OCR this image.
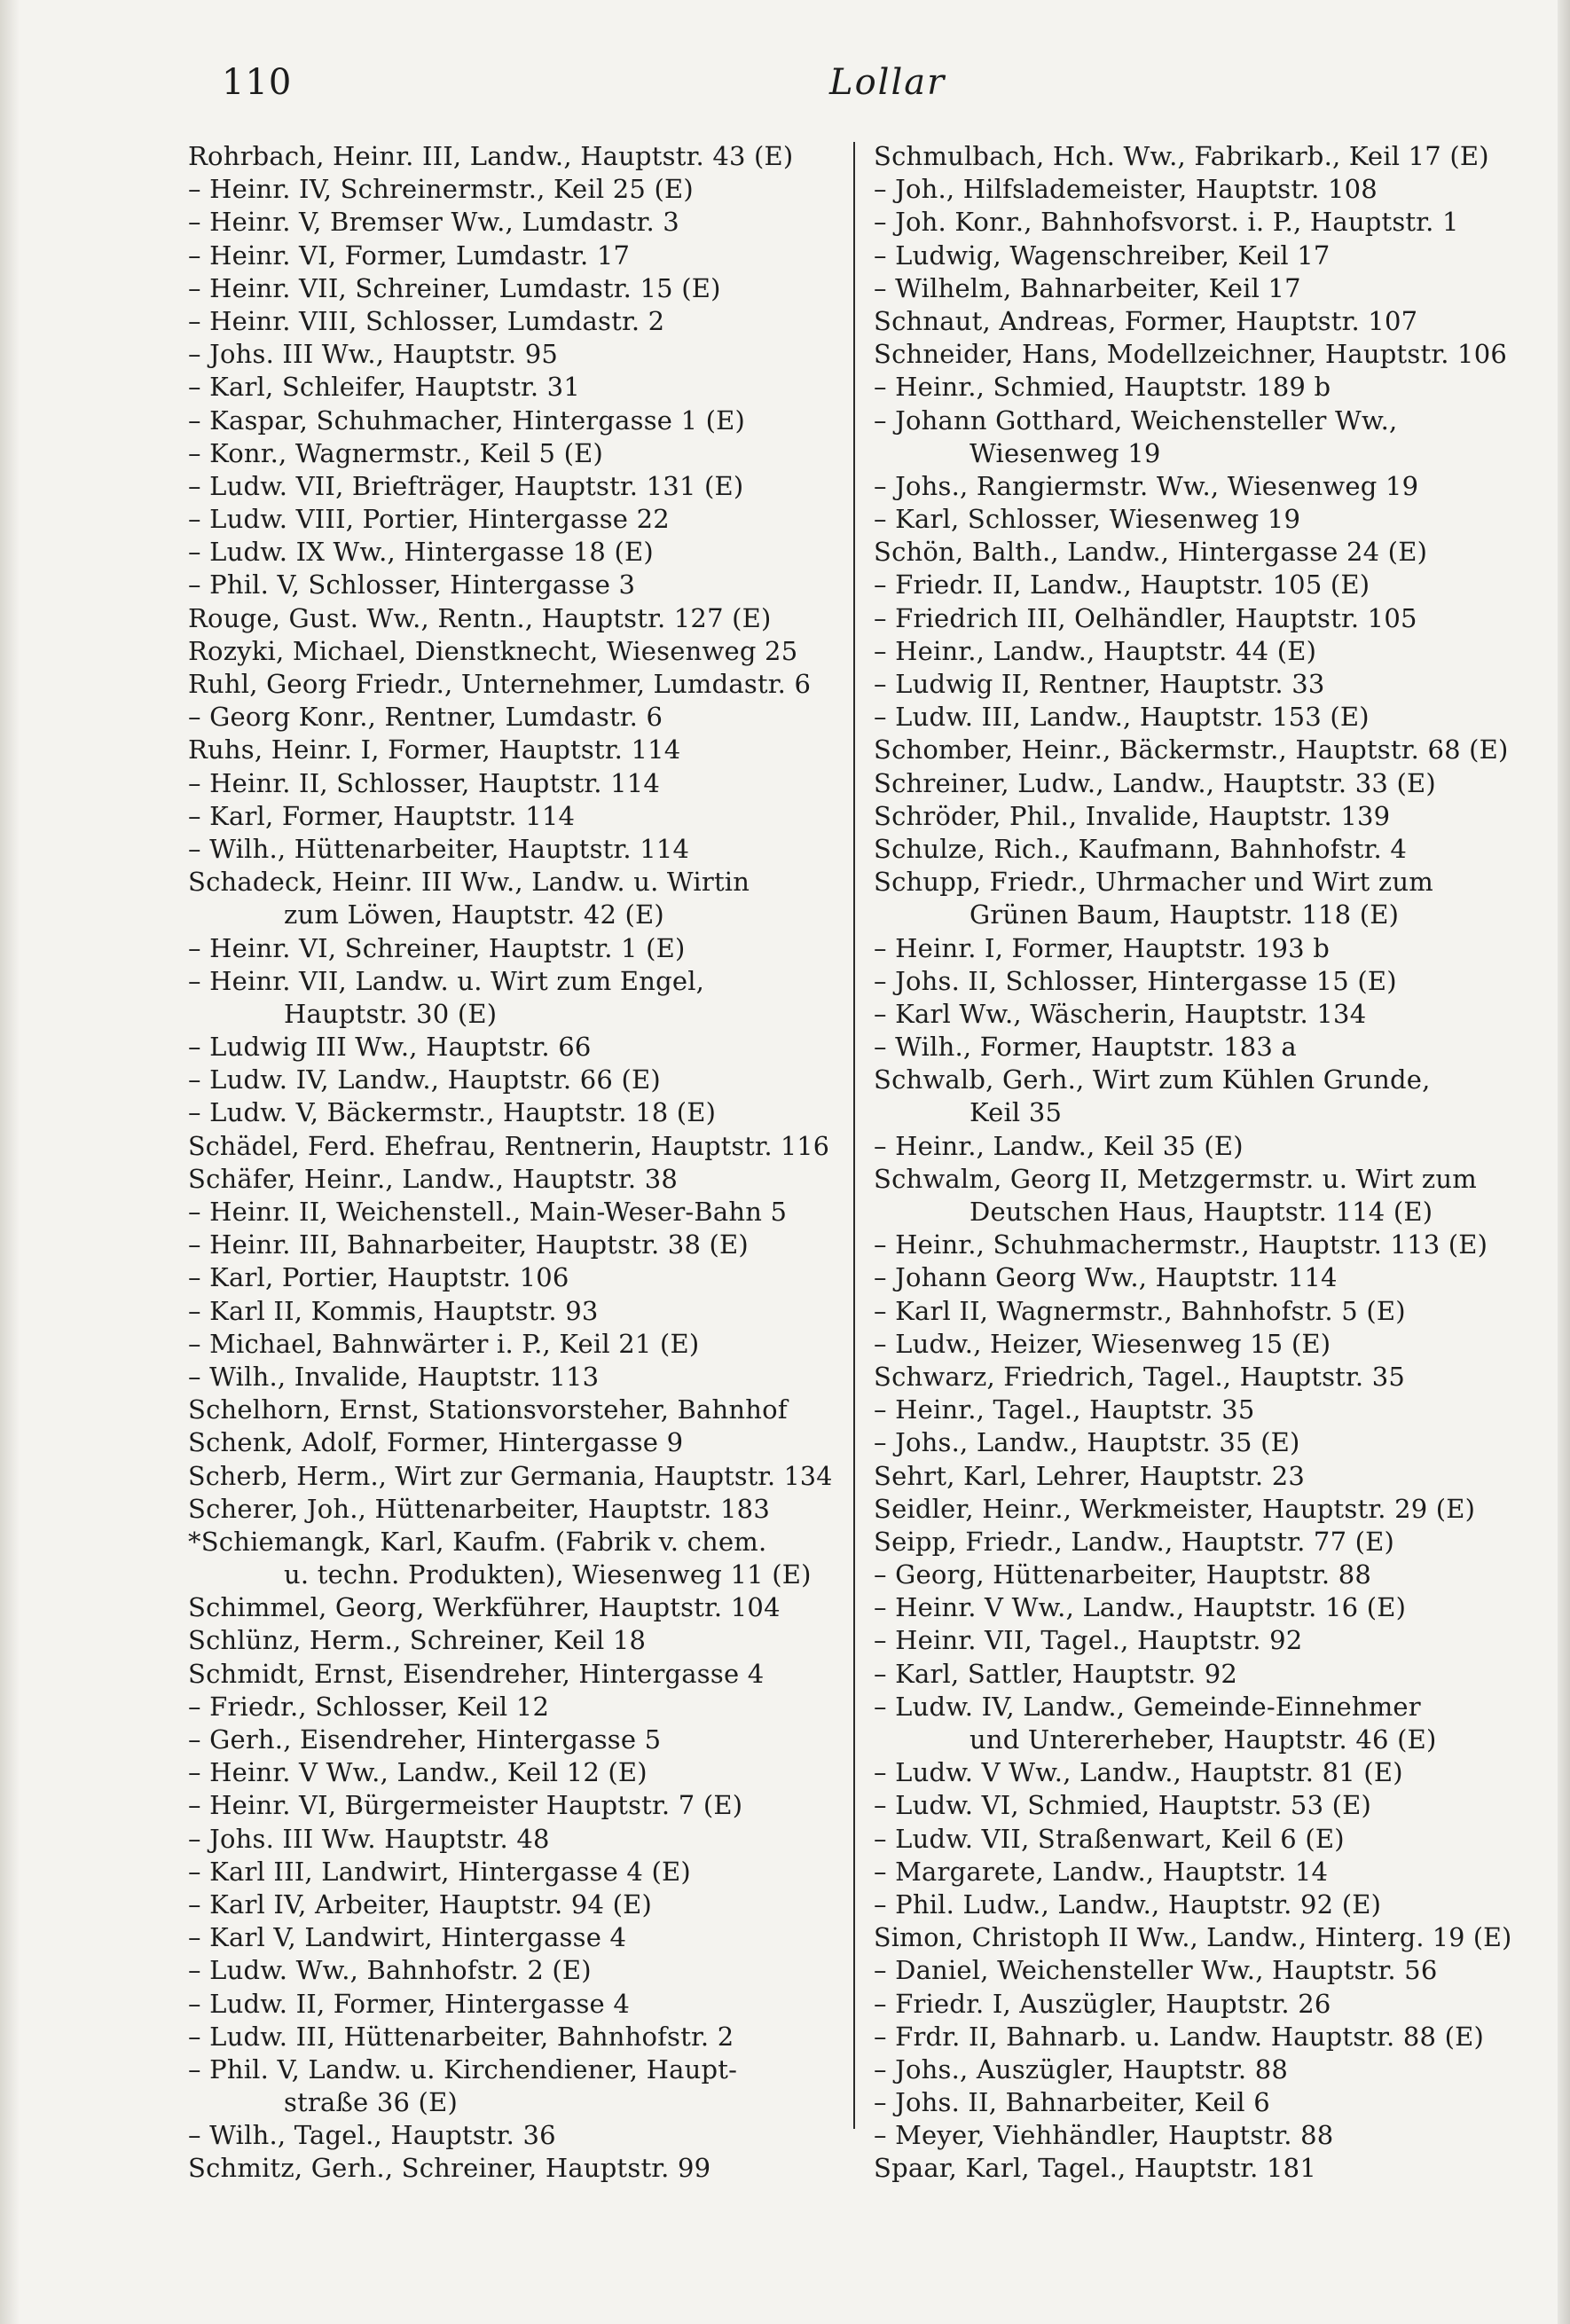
110	Lollar
Rohrbach, Heinr. III, Landw., Hauptstr. 43 (E)
– Heinr. IV, Schreinermstr., Keil 25 (E)
– Heinr. V, Bremser Ww., Lumdastr. 3
– Heinr. VI, Former, Lumdastr. 17
– Heinr. VII, Schreiner, Lumdastr. 15 (E)
– Heinr. VIII, Schlosser, Lumdastr. 2
– Johs. III Ww., Hauptstr. 95
– Karl, Schleifer, Hauptstr. 31
– Kaspar, Schuhmacher, Hintergasse 1 (E)
– Konr., Wagnermstr., Keil 5 (E)
– Ludw. VII, Briefträger, Hauptstr. 131 (E)
– Ludw. VIII, Portier, Hintergasse 22
– Ludw. IX Ww., Hintergasse 18 (E)
– Phil. V, Schlosser, Hintergasse 3
Rouge, Gust. Ww., Rentn., Hauptstr. 127 (E)
Rozyki, Michael, Dienstknecht, Wiesenweg 25
Ruhl, Georg Friedr., Unternehmer, Lumdastr. 6
– Georg Konr., Rentner, Lumdastr. 6
Ruhs, Heinr. I, Former, Hauptstr. 114
– Heinr. II, Schlosser, Hauptstr. 114
– Karl, Former, Hauptstr. 114
– Wilh., Hüttenarbeiter, Hauptstr. 114
Schadeck, Heinr. III Ww., Landw. u. Wirtin
zum Löwen, Hauptstr. 42 (E)
– Heinr. VI, Schreiner, Hauptstr. 1 (E)
– Heinr. VII, Landw. u. Wirt zum Engel,
Hauptstr. 30 (E)
– Ludwig III Ww., Hauptstr. 66
– Ludw. IV, Landw., Hauptstr. 66 (E)
– Ludw. V, Bäckermstr., Hauptstr. 18 (E)
Schädel, Ferd. Ehefrau, Rentnerin, Hauptstr. 116
Schäfer, Heinr., Landw., Hauptstr. 38
– Heinr. II, Weichenstell., Main-Weser-Bahn 5
– Heinr. III, Bahnarbeiter, Hauptstr. 38 (E)
– Karl, Portier, Hauptstr. 106
– Karl II, Kommis, Hauptstr. 93
– Michael, Bahnwärter i. P., Keil 21 (E)
– Wilh., Invalide, Hauptstr. 113
Schelhorn, Ernst, Stationsvorsteher, Bahnhof
Schenk, Adolf, Former, Hintergasse 9
Scherb, Herm., Wirt zur Germania, Hauptstr. 134
Scherer, Joh., Hüttenarbeiter, Hauptstr. 183
*Schiemangk, Karl, Kaufm. (Fabrik v. chem.
u. techn. Produkten), Wiesenweg 11 (E)
Schimmel, Georg, Werkführer, Hauptstr. 104
Schlünz, Herm., Schreiner, Keil 18
Schmidt, Ernst, Eisendreher, Hintergasse 4
– Friedr., Schlosser, Keil 12
– Gerh., Eisendreher, Hintergasse 5
– Heinr. V Ww., Landw., Keil 12 (E)
– Heinr. VI, Bürgermeister Hauptstr. 7 (E)
– Johs. III Ww. Hauptstr. 48
– Karl III, Landwirt, Hintergasse 4 (E)
– Karl IV, Arbeiter, Hauptstr. 94 (E)
– Karl V, Landwirt, Hintergasse 4
– Ludw. Ww., Bahnhofstr. 2 (E)
– Ludw. II, Former, Hintergasse 4
– Ludw. III, Hüttenarbeiter, Bahnhofstr. 2
– Phil. V, Landw. u. Kirchendiener, Haupt-
straße 36 (E)
– Wilh., Tagel., Hauptstr. 36
Schmitz, Gerh., Schreiner, Hauptstr. 99
Schmulbach, Hch. Ww., Fabrikarb., Keil 17 (E)
– Joh., Hilfslademeister, Hauptstr. 108
– Joh. Konr., Bahnhofsvorst. i. P., Hauptstr. 1
– Ludwig, Wagenschreiber, Keil 17
– Wilhelm, Bahnarbeiter, Keil 17
Schnaut, Andreas, Former, Hauptstr. 107
Schneider, Hans, Modellzeichner, Hauptstr. 106
– Heinr., Schmied, Hauptstr. 189 b
– Johann Gotthard, Weichensteller Ww.,
Wiesenweg 19
– Johs., Rangiermstr. Ww., Wiesenweg 19
– Karl, Schlosser, Wiesenweg 19
Schön, Balth., Landw., Hintergasse 24 (E)
– Friedr. II, Landw., Hauptstr. 105 (E)
– Friedrich III, Oelhändler, Hauptstr. 105
– Heinr., Landw., Hauptstr. 44 (E)
– Ludwig II, Rentner, Hauptstr. 33
– Ludw. III, Landw., Hauptstr. 153 (E)
Schomber, Heinr., Bäckermstr., Hauptstr. 68 (E)
Schreiner, Ludw., Landw., Hauptstr. 33 (E)
Schröder, Phil., Invalide, Hauptstr. 139
Schulze, Rich., Kaufmann, Bahnhofstr. 4
Schupp, Friedr., Uhrmacher und Wirt zum
Grünen Baum, Hauptstr. 118 (E)
– Heinr. I, Former, Hauptstr. 193 b
– Johs. II, Schlosser, Hintergasse 15 (E)
– Karl Ww., Wäscherin, Hauptstr. 134
– Wilh., Former, Hauptstr. 183 a
Schwalb, Gerh., Wirt zum Kühlen Grunde,
Keil 35
– Heinr., Landw., Keil 35 (E)
Schwalm, Georg II, Metzgermstr. u. Wirt zum
Deutschen Haus, Hauptstr. 114 (E)
– Heinr., Schuhmachermstr., Hauptstr. 113 (E)
– Johann Georg Ww., Hauptstr. 114
– Karl II, Wagnermstr., Bahnhofstr. 5 (E)
– Ludw., Heizer, Wiesenweg 15 (E)
Schwarz, Friedrich, Tagel., Hauptstr. 35
– Heinr., Tagel., Hauptstr. 35
– Johs., Landw., Hauptstr. 35 (E)
Sehrt, Karl, Lehrer, Hauptstr. 23
Seidler, Heinr., Werkmeister, Hauptstr. 29 (E)
Seipp, Friedr., Landw., Hauptstr. 77 (E)
– Georg, Hüttenarbeiter, Hauptstr. 88
– Heinr. V Ww., Landw., Hauptstr. 16 (E)
– Heinr. VII, Tagel., Hauptstr. 92
– Karl, Sattler, Hauptstr. 92
– Ludw. IV, Landw., Gemeinde-Einnehmer
und Untererheber, Hauptstr. 46 (E)
– Ludw. V Ww., Landw., Hauptstr. 81 (E)
– Ludw. VI, Schmied, Hauptstr. 53 (E)
– Ludw. VII, Straßenwart, Keil 6 (E)
– Margarete, Landw., Hauptstr. 14
– Phil. Ludw., Landw., Hauptstr. 92 (E)
Simon, Christoph II Ww., Landw., Hinterg. 19 (E)
– Daniel, Weichensteller Ww., Hauptstr. 56
– Friedr. I, Auszügler, Hauptstr. 26
– Frdr. II, Bahnarb. u. Landw. Hauptstr. 88 (E)
– Johs., Auszügler, Hauptstr. 88
– Johs. II, Bahnarbeiter, Keil 6
– Meyer, Viehhändler, Hauptstr. 88
Spaar, Karl, Tagel., Hauptstr. 181
